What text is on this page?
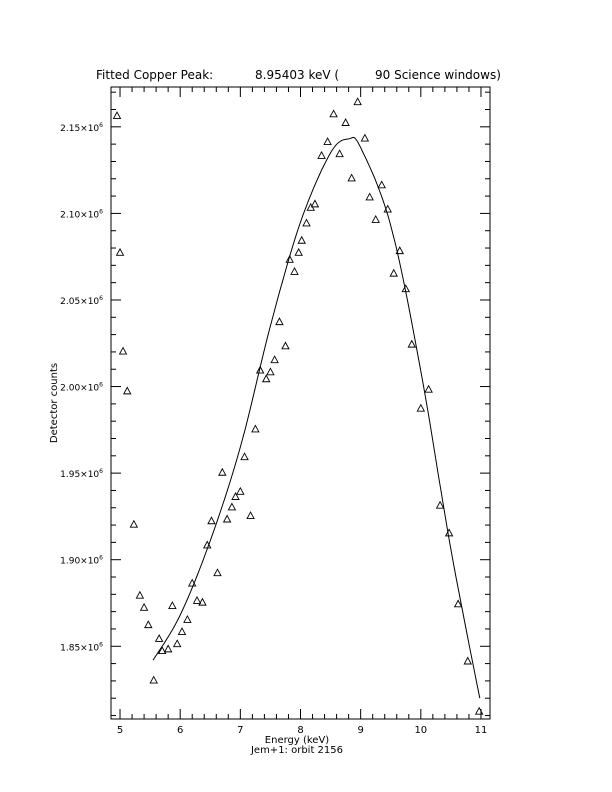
Fitted Copper Peak:	8.95403 keV (	90 Science windows)
5	6	7	8	9	10	11
$1.85\times 10^6$
$1.90\times 10^6$
$1.95\times 10^6$
$2.00\times 10^6$
$2.05\times 10^6$
$2.10\times 10^6$
$2.15\times 10^6$
Energy (keV)
Jem+1: orbit 2156
Detector counts
